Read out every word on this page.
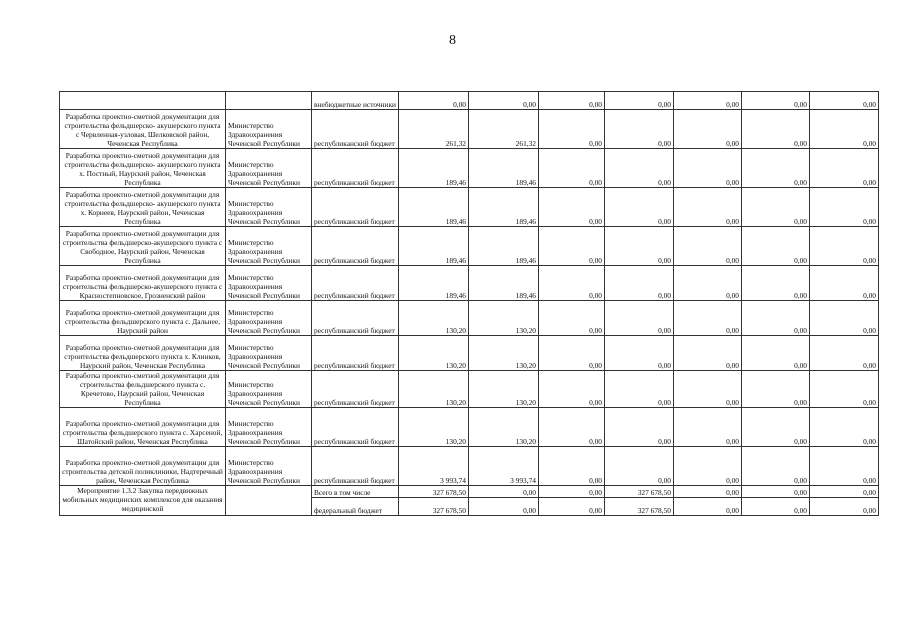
8
		внебюджетные источники	0,00	0,00	0,00	0,00	0,00	0,00	0,00
Разработка проектно-сметной документации для строительства фельдшерско- акушерского пункта с Червленная-узловая, Шелковской район, Чеченская Республика	Министерство Здравоохранения Чеченской Республики	республиканский бюджет	261,32	261,32	0,00	0,00	0,00	0,00	0,00
Разработка проектно-сметной документации для строительства фельдшерско- акушерского пункта х. Постный, Наурский район, Чеченская Республика	Министерство Здравоохранения Чеченской Республики	республиканский бюджет	189,46	189,46	0,00	0,00	0,00	0,00	0,00
Разработка проектно-сметной документации для строительства фельдшерско- акушерского пункта х. Корнеев, Наурский район, Чеченская Республика	Министерство Здравоохранения Чеченской Республики	республиканский бюджет	189,46	189,46	0,00	0,00	0,00	0,00	0,00
Разработка проектно-сметной документации для строительства фельдшерско-акушерского пункта с Свободное, Наурский район, Чеченская Республика	Министерство Здравоохранения Чеченской Республики	республиканский бюджет	189,46	189,46	0,00	0,00	0,00	0,00	0,00
Разработка проектно-сметной документации для строительства фельдшерско-акушерского пункта с Красностепновское, Грозненский район	Министерство Здравоохранения Чеченской Республики	республиканский бюджет	189,46	189,46	0,00	0,00	0,00	0,00	0,00
Разработка проектно-сметной документации для строительства фельдшерского пункта с. Дальнее, Наурский район	Министерство Здравоохранения Чеченской Республики	республиканский бюджет	130,20	130,20	0,00	0,00	0,00	0,00	0,00
Разработка проектно-сметной документации для строительства фельдшерского пункта х. Клинков, Наурский район, Чеченская Республика	Министерство Здравоохранения Чеченской Республики	республиканский бюджет	130,20	130,20	0,00	0,00	0,00	0,00	0,00
Разработка проектно-сметной документации для строительства фельдшерского пункта с. Кречетово, Наурский район, Чеченская Республика	Министерство Здравоохранения Чеченской Республики	республиканский бюджет	130,20	130,20	0,00	0,00	0,00	0,00	0,00
Разработка проектно-сметной документации для строительства фельдшерского пункта с. Харсеной, Шатойский район, Чеченская Республика	Министерство Здравоохранения Чеченской Республики	республиканский бюджет	130,20	130,20	0,00	0,00	0,00	0,00	0,00
Разработка проектно-сметной документации для строительства детской поликлиники, Надтеречный район, Чеченская Республика	Министерство Здравоохранения Чеченской Республики	республиканский бюджет	3 993,74	3 993,74	0,00	0,00	0,00	0,00	0,00
Мероприятие 1.3.2 Закупка передвижных мобильных медицинских комплексов для оказания медицинской		Всего в том числе	327 678,50	0,00	0,00	327 678,50	0,00	0,00	0,00
		федеральный бюджет	327 678,50	0,00	0,00	327 678,50	0,00	0,00	0,00
